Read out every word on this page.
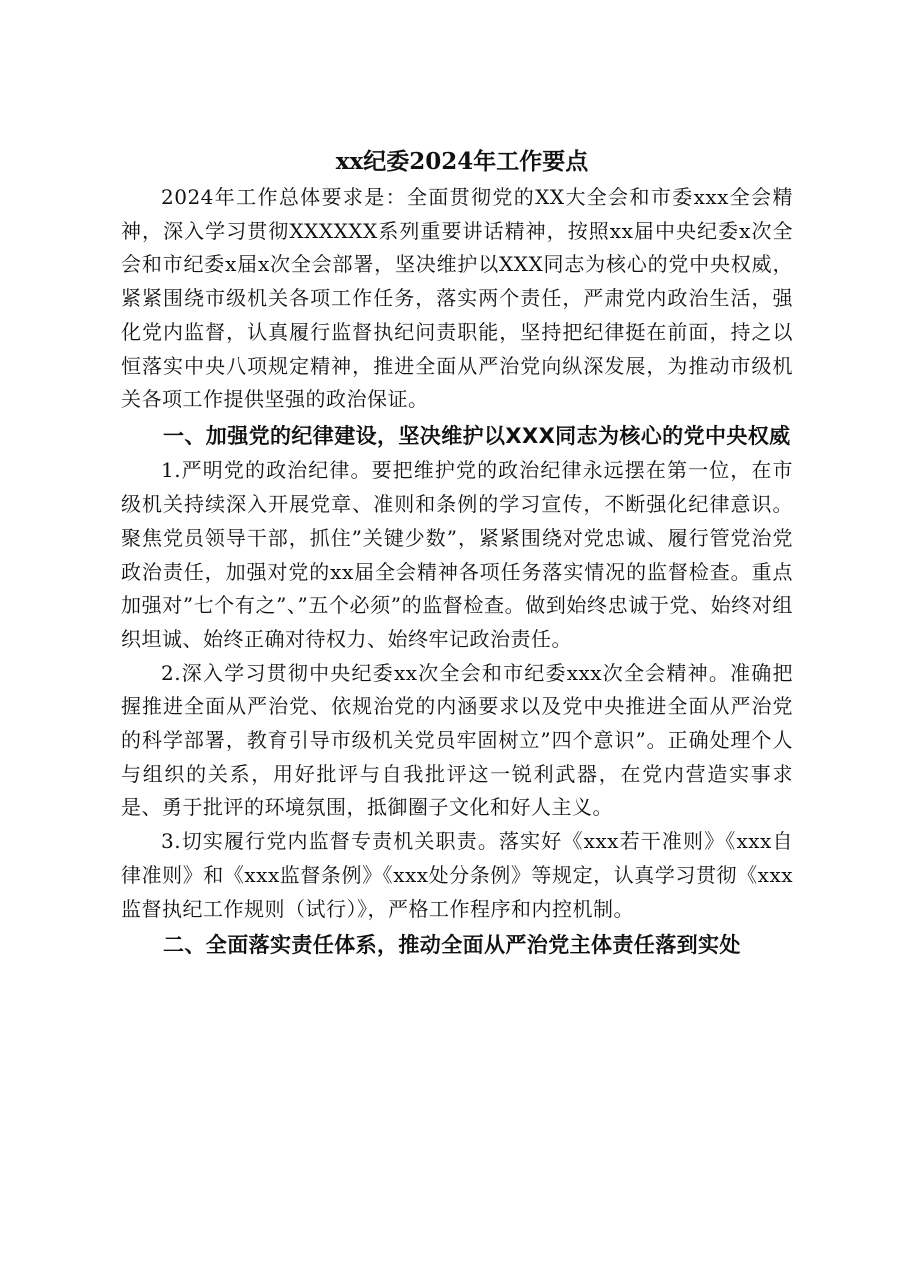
xx纪委2024年工作要点

2024年工作总体要求是：全面贯彻党的XX大全会和市委xxx全会精神，深入学习贯彻XXXXXX系列重要讲话精神，按照xx届中央纪委x次全会和市纪委x届x次全会部署，坚决维护以XXX同志为核心的党中央权威，紧紧围绕市级机关各项工作任务，落实两个责任，严肃党内政治生活，强化党内监督，认真履行监督执纪问责职能，坚持把纪律挺在前面，持之以恒落实中央八项规定精神，推进全面从严治党向纵深发展，为推动市级机关各项工作提供坚强的政治保证。

一、加强党的纪律建设，坚决维护以XXX同志为核心的党中央权威

1.严明党的政治纪律。要把维护党的政治纪律永远摆在第一位，在市级机关持续深入开展党章、准则和条例的学习宣传，不断强化纪律意识。聚焦党员领导干部，抓住”关键少数”，紧紧围绕对党忠诚、履行管党治党政治责任，加强对党的xx届全会精神各项任务落实情况的监督检查。重点加强对”七个有之”、”五个必须”的监督检查。做到始终忠诚于党、始终对组织坦诚、始终正确对待权力、始终牢记政治责任。

2.深入学习贯彻中央纪委xx次全会和市纪委xxx次全会精神。准确把握推进全面从严治党、依规治党的内涵要求以及党中央推进全面从严治党的科学部署，教育引导市级机关党员牢固树立”四个意识”。正确处理个人与组织的关系，用好批评与自我批评这一锐利武器，在党内营造实事求是、勇于批评的环境氛围，抵御圈子文化和好人主义。

3.切实履行党内监督专责机关职责。落实好《xxx若干准则》《xxx自律准则》和《xxx监督条例》《xxx处分条例》等规定，认真学习贯彻《xxx监督执纪工作规则（试行）》，严格工作程序和内控机制。

二、全面落实责任体系，推动全面从严治党主体责任落到实处
